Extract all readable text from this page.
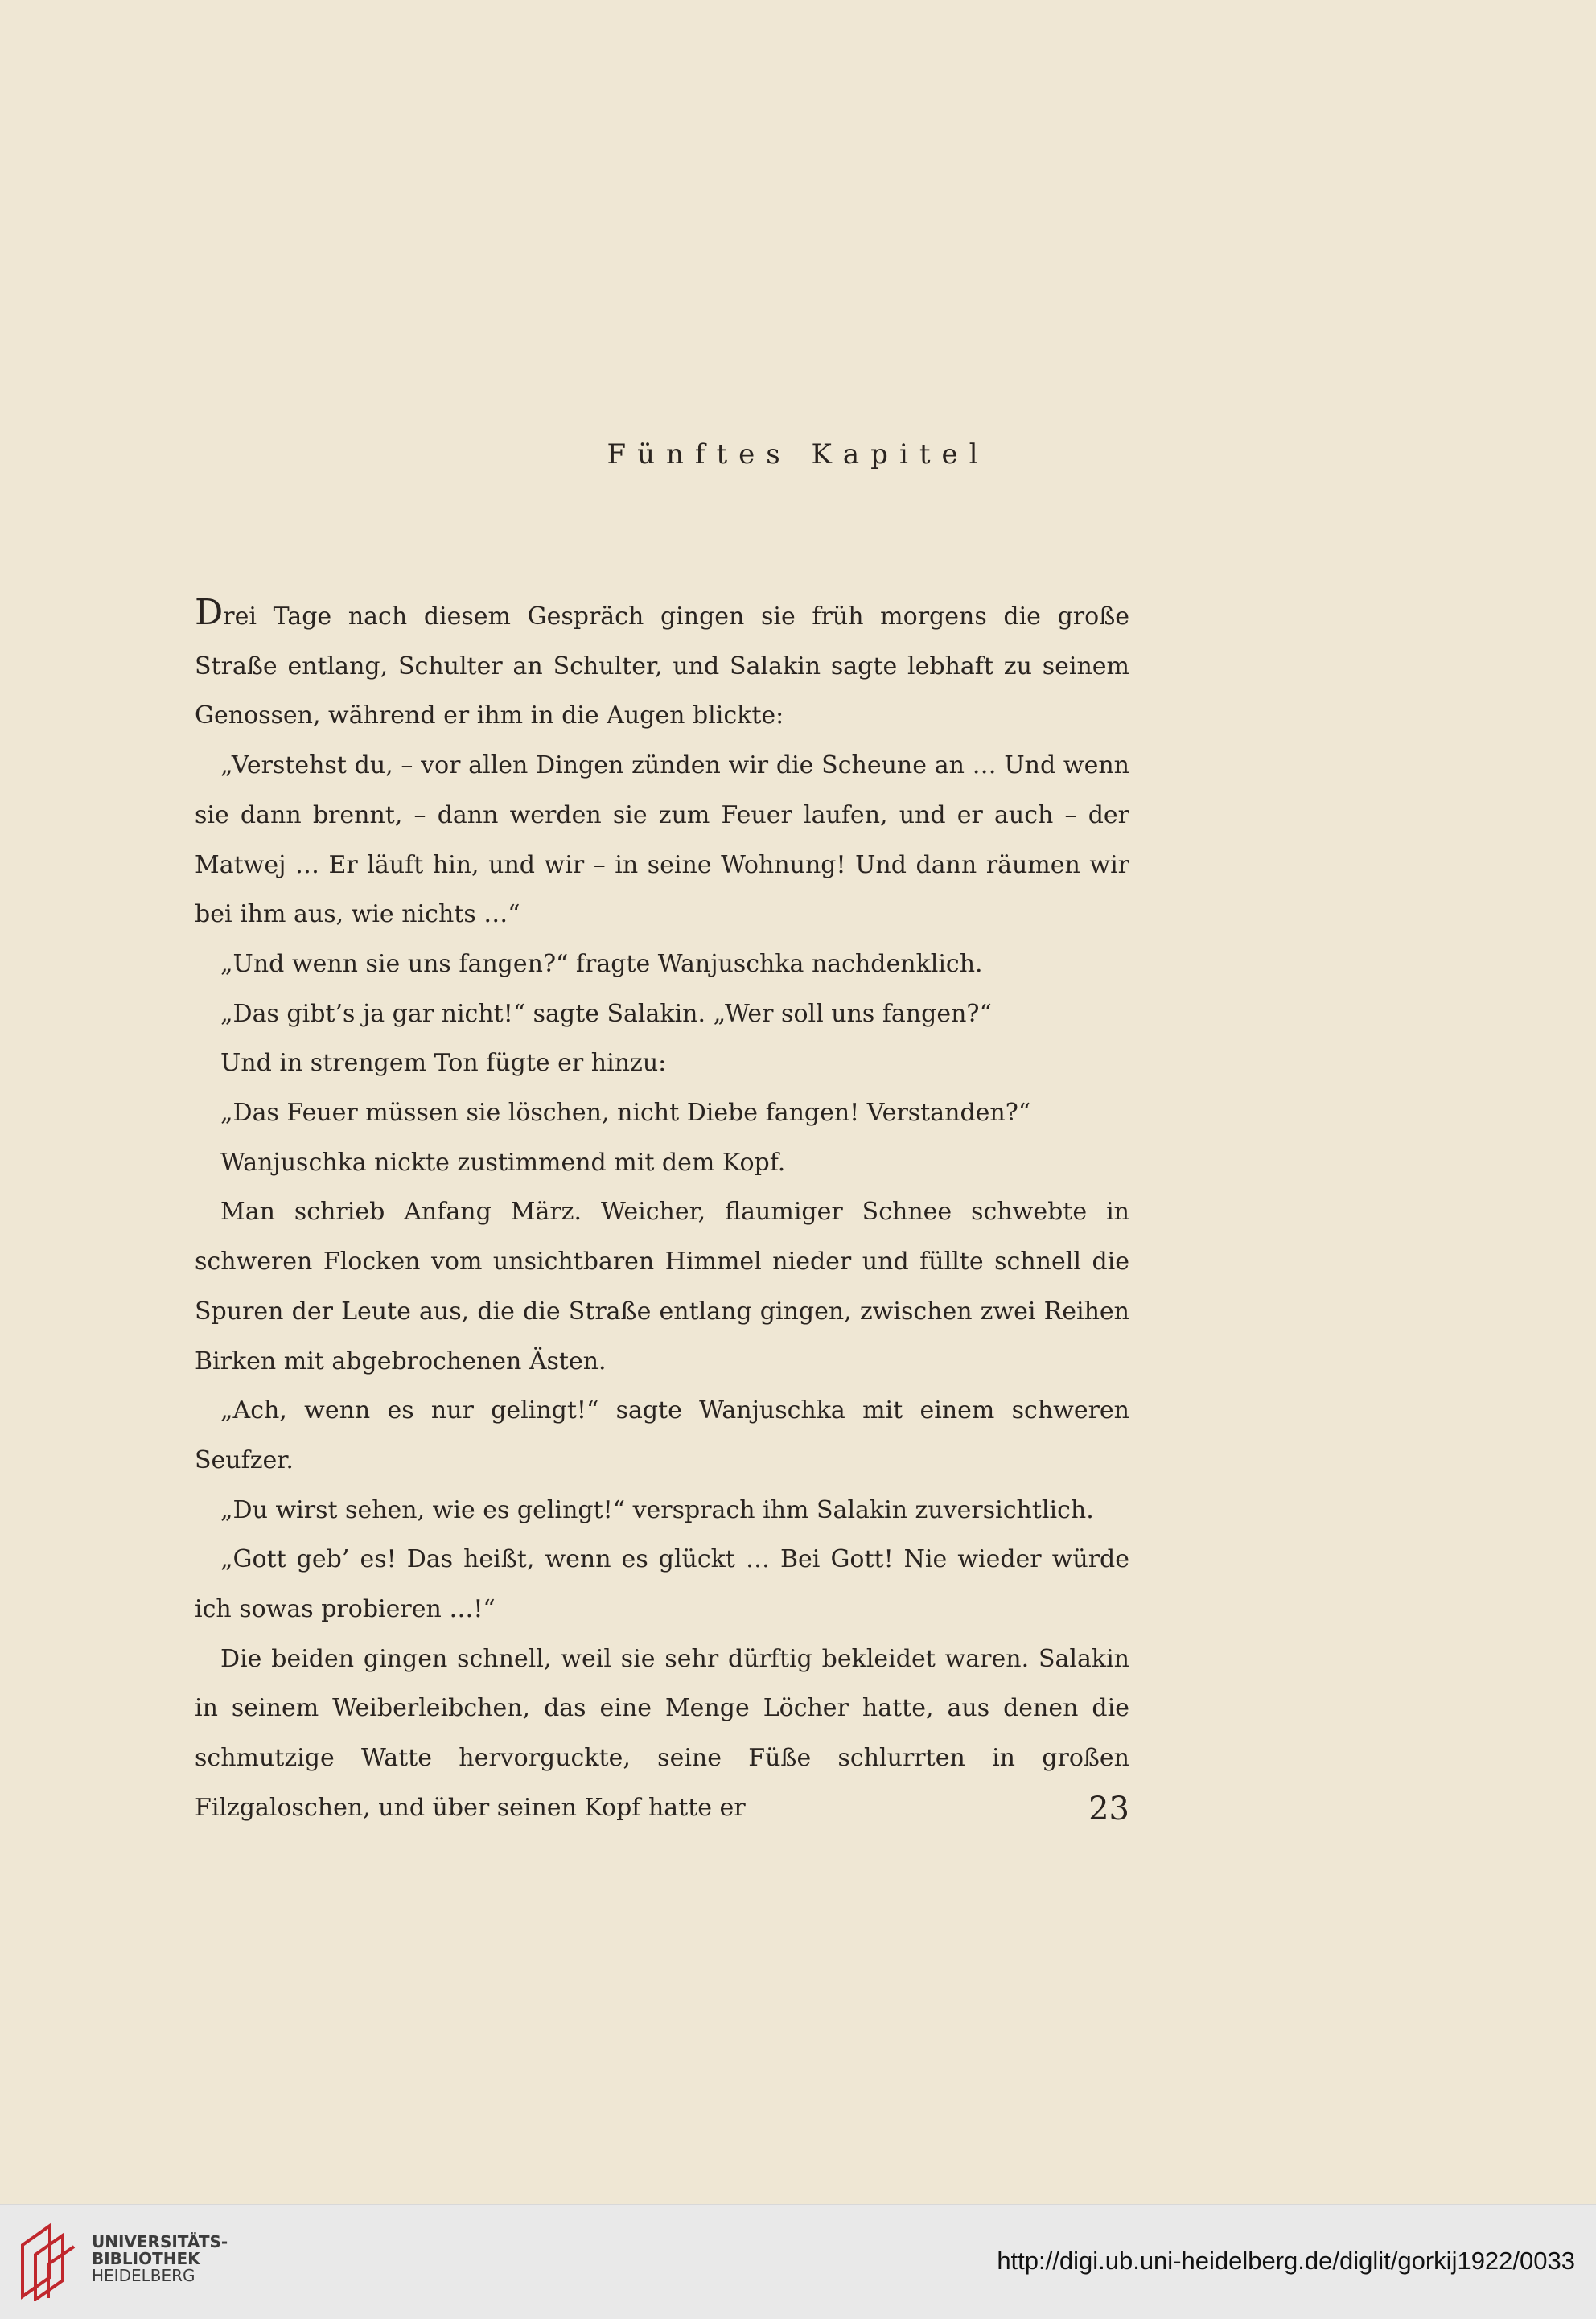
Fünftes Kapitel

Drei Tage nach diesem Gespräch gingen sie früh morgens die große Straße entlang, Schulter an Schulter, und Salakin sagte lebhaft zu seinem Genossen, während er ihm in die Augen blickte:

„Verstehst du, – vor allen Dingen zünden wir die Scheune an … Und wenn sie dann brennt, – dann werden sie zum Feuer laufen, und er auch – der Matwej … Er läuft hin, und wir – in seine Wohnung! Und dann räumen wir bei ihm aus, wie nichts …“

„Und wenn sie uns fangen?“ fragte Wanjuschka nachdenklich.

„Das gibt’s ja gar nicht!“ sagte Salakin. „Wer soll uns fangen?“

Und in strengem Ton fügte er hinzu:

„Das Feuer müssen sie löschen, nicht Diebe fangen! Verstanden?“

Wanjuschka nickte zustimmend mit dem Kopf.

Man schrieb Anfang März. Weicher, flaumiger Schnee schwebte in schweren Flocken vom unsichtbaren Himmel nieder und füllte schnell die Spuren der Leute aus, die die Straße entlang gingen, zwischen zwei Reihen Birken mit abgebrochenen Ästen.

„Ach, wenn es nur gelingt!“ sagte Wanjuschka mit einem schweren Seufzer.

„Du wirst sehen, wie es gelingt!“ versprach ihm Salakin zuversichtlich.

„Gott geb’ es! Das heißt, wenn es glückt … Bei Gott! Nie wieder würde ich sowas probieren …!“

Die beiden gingen schnell, weil sie sehr dürftig bekleidet waren. Salakin in seinem Weiberleibchen, das eine Menge Löcher hatte, aus denen die schmutzige Watte hervorguckte, seine Füße schlurrten in großen Filzgaloschen, und über seinen Kopf hatte er	23
UNIVERSITÄTS-
BIBLIOTHEK
HEIDELBERG
http://digi.ub.uni-heidelberg.de/diglit/gorkij1922/0033
